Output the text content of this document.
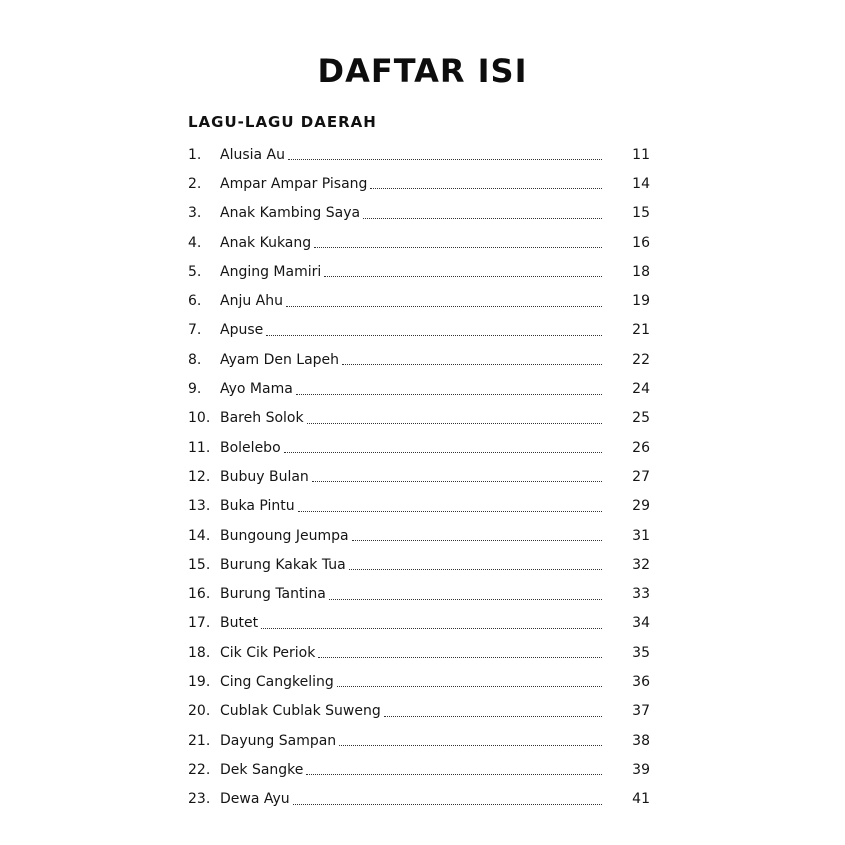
DAFTAR ISI
LAGU-LAGU DAERAH
1.	Alusia Au	11
2.	Ampar Ampar Pisang	14
3.	Anak Kambing Saya	15
4.	Anak Kukang	16
5.	Anging Mamiri	18
6.	Anju Ahu	19
7.	Apuse	21
8.	Ayam Den Lapeh	22
9.	Ayo Mama	24
10. Bareh Solok	25
11. Bolelebo	26
12. Bubuy Bulan	27
13. Buka Pintu	29
14. Bungoung Jeumpa	31
15. Burung Kakak Tua	32
16. Burung Tantina	33
17. Butet	34
18. Cik Cik Periok	35
19. Cing Cangkeling	36
20. Cublak Cublak Suweng	37
21. Dayung Sampan	38
22. Dek Sangke	39
23. Dewa Ayu	41
